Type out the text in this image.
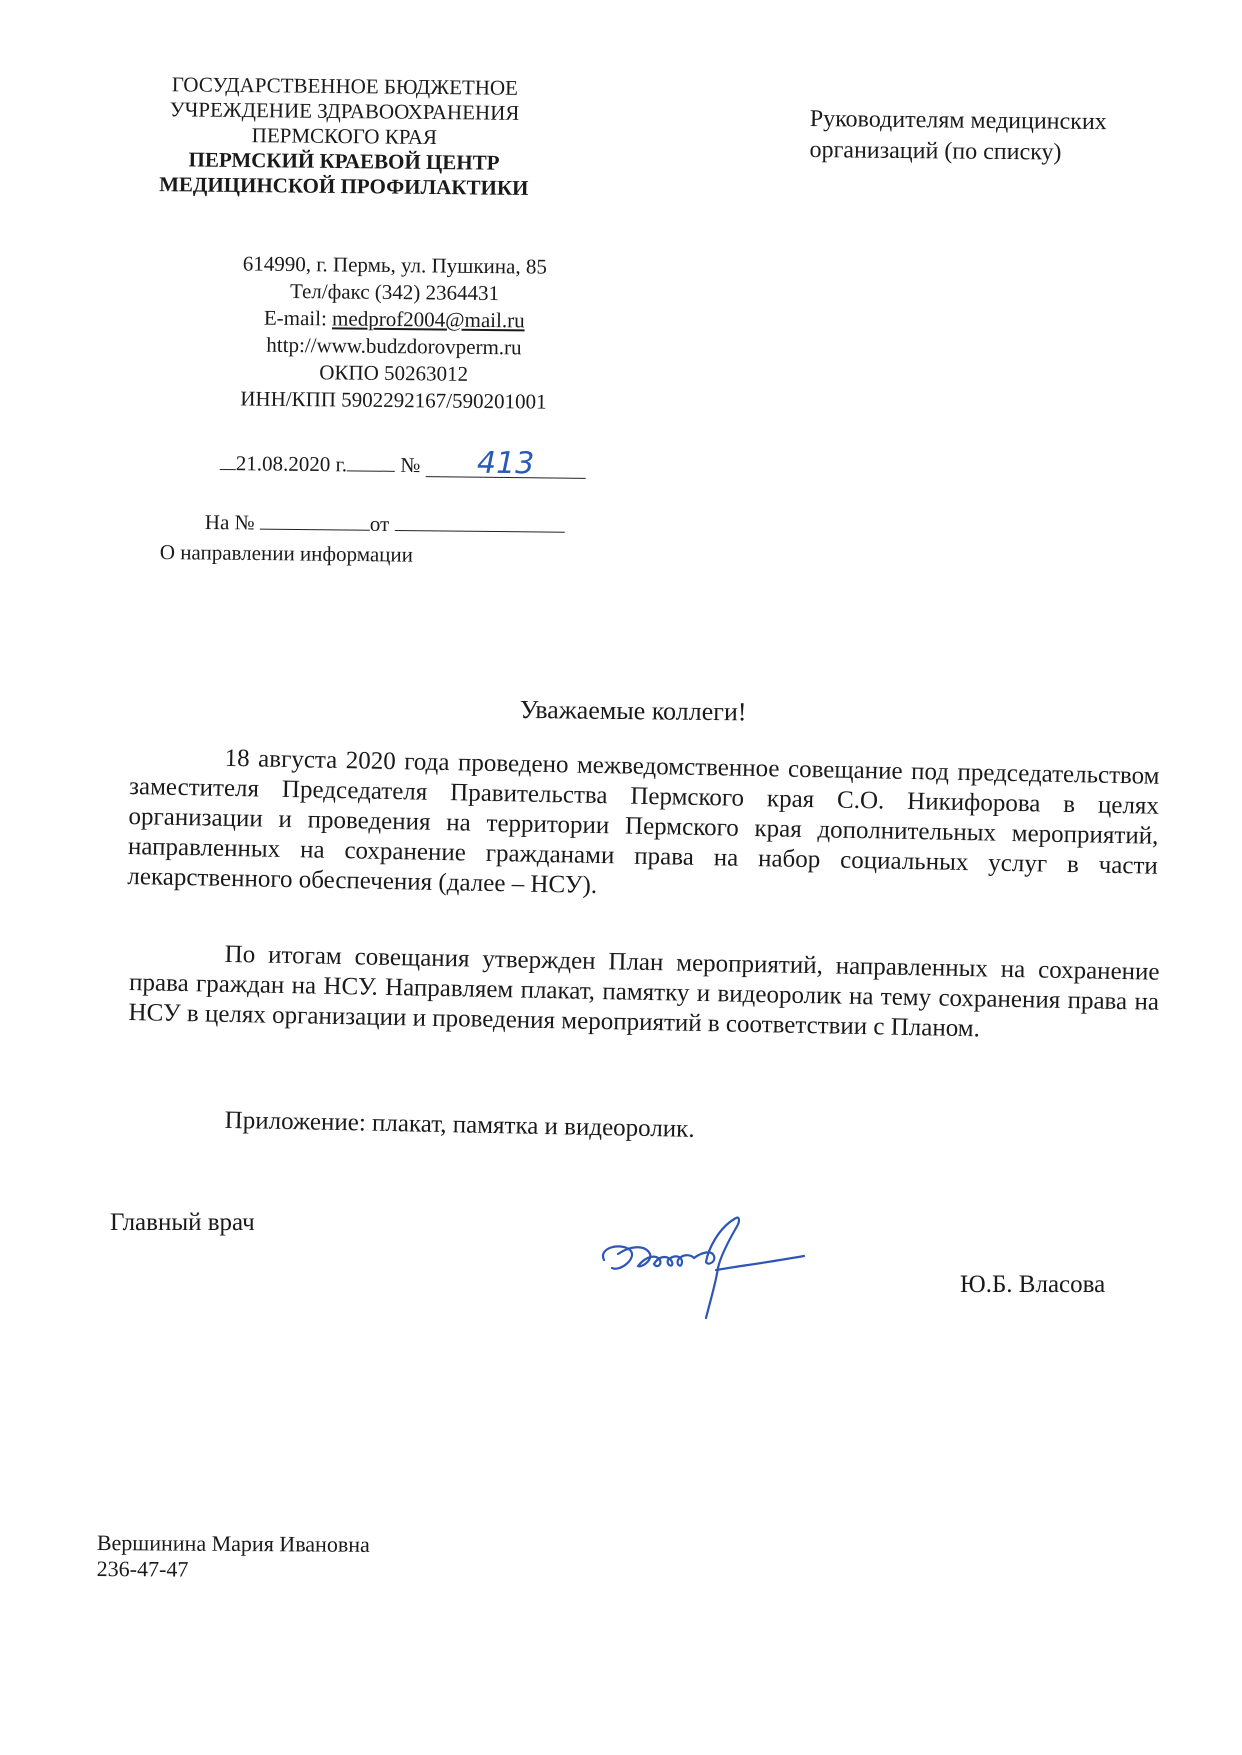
ГОСУДАРСТВЕННОЕ БЮДЖЕТНОЕ
УЧРЕЖДЕНИЕ ЗДРАВООХРАНЕНИЯ
ПЕРМСКОГО КРАЯ
ПЕРМСКИЙ КРАЕВОЙ ЦЕНТР
МЕДИЦИНСКОЙ ПРОФИЛАКТИКИ
614990, г. Пермь, ул. Пушкина, 85
Тел/факс (342) 2364431
E-mail: medprof2004@mail.ru
http://www.budzdorovperm.ru
ОКПО 50263012
ИНН/КПП 5902292167/590201001
Руководителям медицинских
организаций (по списку)
21.08.2020 г.	№ 413
На №	от
О направлении информации
Уважаемые коллеги!
18 августа 2020 года проведено межведомственное совещание под председательством заместителя Председателя Правительства Пермского края С.О. Никифорова в целях организации и проведения на территории Пермского края дополнительных мероприятий, направленных на сохранение гражданами права на набор социальных услуг в части лекарственного обеспечения (далее – НСУ).
По итогам совещания утвержден План мероприятий, направленных на сохранение права граждан на НСУ. Направляем плакат, памятку и видеоролик на тему сохранения права на НСУ в целях организации и проведения мероприятий в соответствии с Планом.
Приложение: плакат, памятка и видеоролик.
Главный врач
Ю.Б. Власова
Вершинина Мария Ивановна
236-47-47
